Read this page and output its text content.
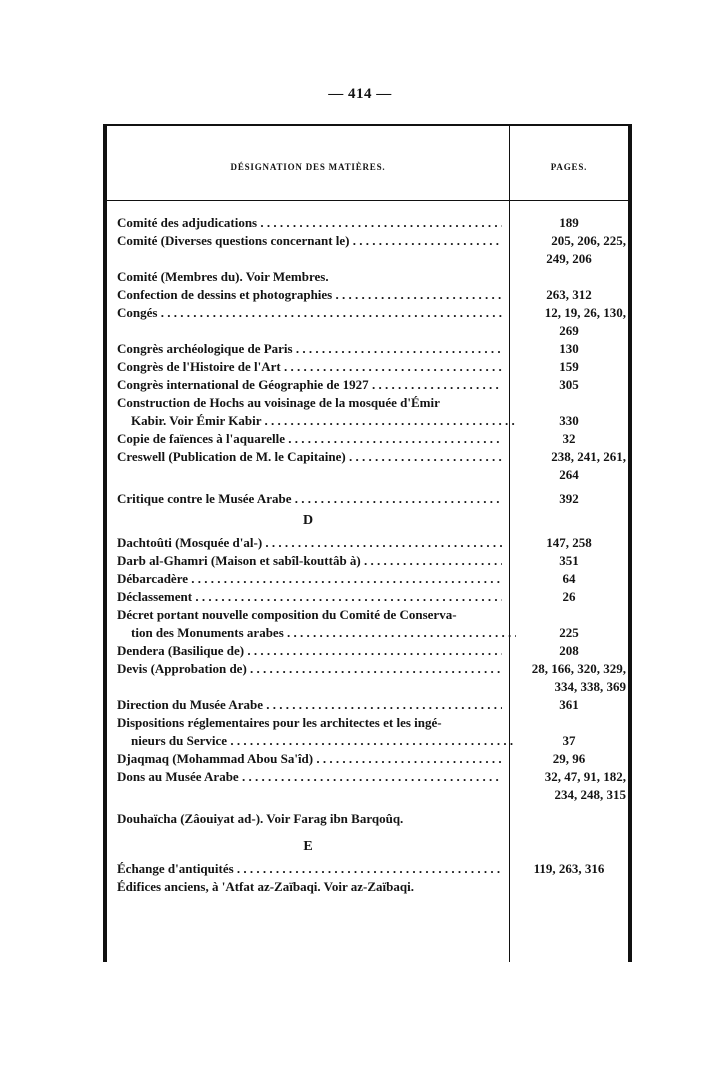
— 414 —
DÉSIGNATION DES MATIÈRES.	PAGES.
Comité des adjudications . . .	189
Comité (Diverses questions concernant le) . . .	205, 206, 225,

249, 206
Comité (Membres du). Voir Membres.
Confection de dessins et photographies . . .	263, 312
Congés . . .	12, 19, 26, 130,

269
Congrès archéologique de Paris . . .	130
Congrès de l'Histoire de l'Art . . .	159
Congrès international de Géographie de 1927 . . .	305
Construction de Hochs au voisinage de la mosquée d'Émir
Kabir. Voir Émir Kabir . . .	330
Copie de faïences à l'aquarelle . . .	32
Creswell (Publication de M. le Capitaine) . . .	238, 241, 261,

264
Critique contre le Musée Arabe . . .	392
D
Dachtoûti (Mosquée d'al-) . . .	147, 258
Darb al-Ghamri (Maison et sabîl-kouttâb à) . . .	351
Débarcadère . . .	64
Déclassement . . .	26
Décret portant nouvelle composition du Comité de Conserva-
tion des Monuments arabes . . .	225
Dendera (Basilique de) . . .	208
Devis (Approbation de) . . .	28, 166, 320, 329,

334, 338, 369
Direction du Musée Arabe . . .	361
Dispositions réglementaires pour les architectes et les ingé-
nieurs du Service . . .	37
Djaqmaq (Mohammad Abou Sa'îd) . . .	29, 96
Dons au Musée Arabe . . .	32, 47, 91, 182,

234, 248, 315
Douhaïcha (Zâouiyat ad-). Voir Farag ibn Barqoûq.
E
Échange d'antiquités . . .	119, 263, 316
Édifices anciens, à 'Atfat az-Zaïbaqi. Voir az-Zaïbaqi.
